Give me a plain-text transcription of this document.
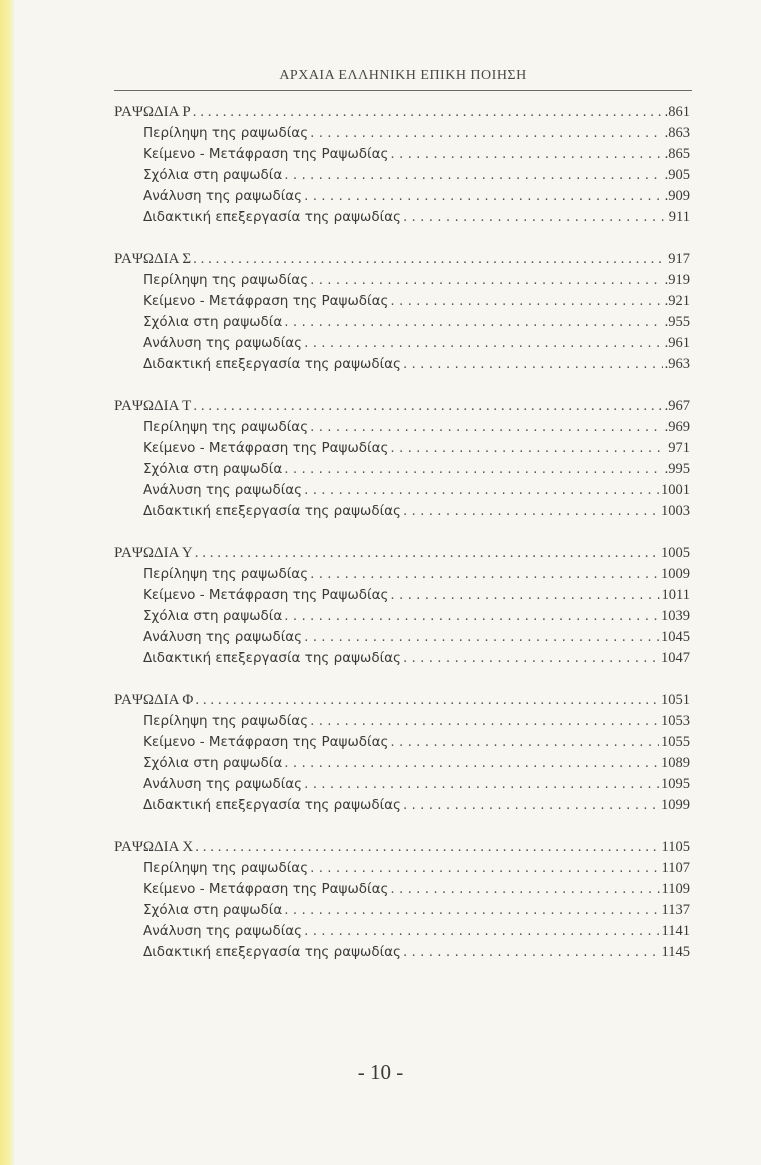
ΑΡΧΑΙΑ ΕΛΛΗΝΙΚΗ ΕΠΙΚΗ ΠΟΙΗΣΗ
ΡΑΨΩΔΙΑ Ρ . . .	.861
Περίληψη της ραψωδίας . . .	.863
Κείμενο - Μετάφραση της Ραψωδίας . . .	.865
Σχόλια στη ραψωδία . . .	.905
Ανάλυση της ραψωδίας . . .	.909
Διδακτική επεξεργασία της ραψωδίας . . .	911
ΡΑΨΩΔΙΑ Σ . . .	917
Περίληψη της ραψωδίας . . .	.919
Κείμενο - Μετάφραση της Ραψωδίας . . .	.921
Σχόλια στη ραψωδία . . .	.955
Ανάλυση της ραψωδίας . . .	.961
Διδακτική επεξεργασία της ραψωδίας . . .	.963
ΡΑΨΩΔΙΑ Τ . . .	.967
Περίληψη της ραψωδίας . . .	.969
Κείμενο - Μετάφραση της Ραψωδίας . . .	971
Σχόλια στη ραψωδία . . .	.995
Ανάλυση της ραψωδίας . . .	1001
Διδακτική επεξεργασία της ραψωδίας . . .	1003
ΡΑΨΩΔΙΑ Υ . . .	1005
Περίληψη της ραψωδίας . . .	1009
Κείμενο - Μετάφραση της Ραψωδίας . . .	1011
Σχόλια στη ραψωδία . . .	1039
Ανάλυση της ραψωδίας . . .	1045
Διδακτική επεξεργασία της ραψωδίας . . .	1047
ΡΑΨΩΔΙΑ Φ . . .	1051
Περίληψη της ραψωδίας . . .	1053
Κείμενο - Μετάφραση της Ραψωδίας . . .	1055
Σχόλια στη ραψωδία . . .	1089
Ανάλυση της ραψωδίας . . .	1095
Διδακτική επεξεργασία της ραψωδίας . . .	1099
ΡΑΨΩΔΙΑ Χ . . .	1105
Περίληψη της ραψωδίας . . .	1107
Κείμενο - Μετάφραση της Ραψωδίας . . .	1109
Σχόλια στη ραψωδία . . .	1137
Ανάλυση της ραψωδίας . . .	1141
Διδακτική επεξεργασία της ραψωδίας . . .	1145
- 10 -
